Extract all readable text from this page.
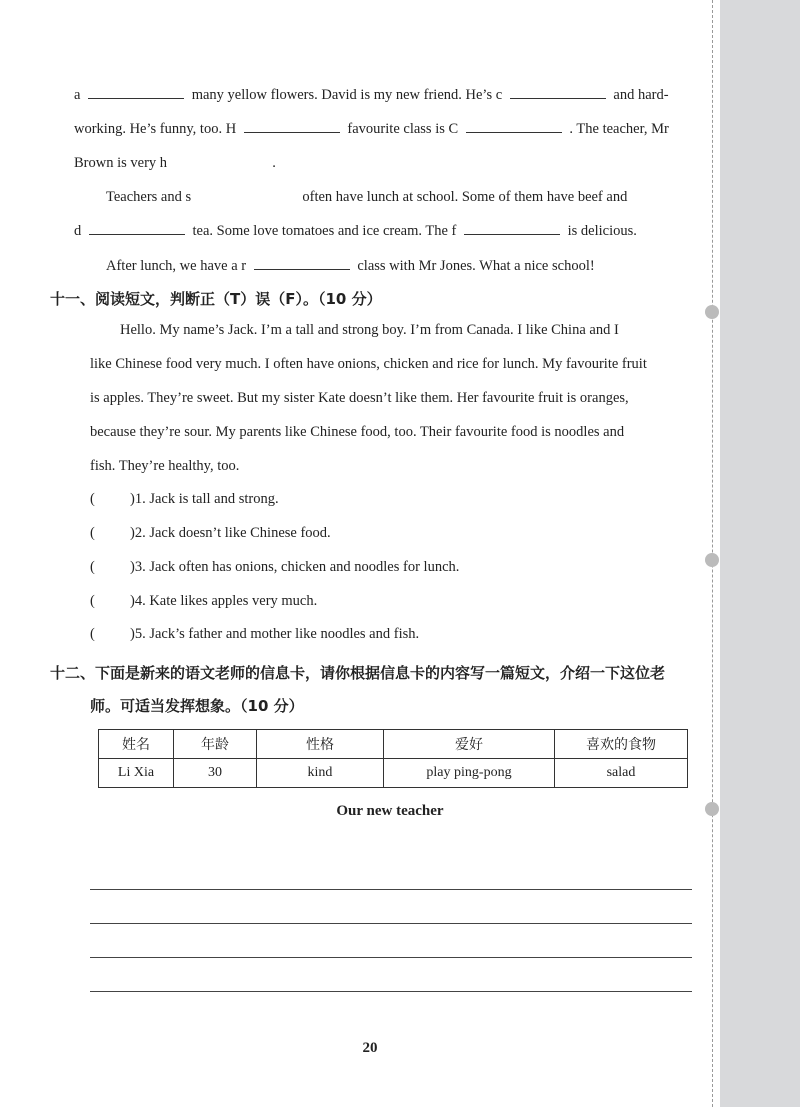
a	many yellow flowers. David is my new friend. He’s c	and hard-
working. He’s funny, too. H	favourite class is C	. The teacher, Mr
Brown is very h	.
Teachers and s	often have lunch at school. Some of them have beef and
d	tea. Some love tomatoes and ice cream. The f	is delicious.
After lunch, we have a r	class with Mr Jones. What a nice school!
十一、阅读短文，判断正（T）误（F）。（10 分）
Hello. My name’s Jack. I’m a tall and strong boy. I’m from Canada. I like China and I
like Chinese food very much. I often have onions, chicken and rice for lunch. My favourite fruit
is apples. They’re sweet. But my sister Kate doesn’t like them. Her favourite fruit is oranges,
because they’re sour. My parents like Chinese food, too. Their favourite food is noodles and
fish. They’re healthy, too.
( )1. Jack is tall and strong.
( )2. Jack doesn’t like Chinese food.
( )3. Jack often has onions, chicken and noodles for lunch.
( )4. Kate likes apples very much.
( )5. Jack’s father and mother like noodles and fish.
十二、下面是新来的语文老师的信息卡，请你根据信息卡的内容写一篇短文，介绍一下这位老
师。可适当发挥想象。（10 分）
姓名	年龄	性格	爱好	喜欢的食物
Li Xia	30	kind	play ping-pong	salad
Our new teacher
20
